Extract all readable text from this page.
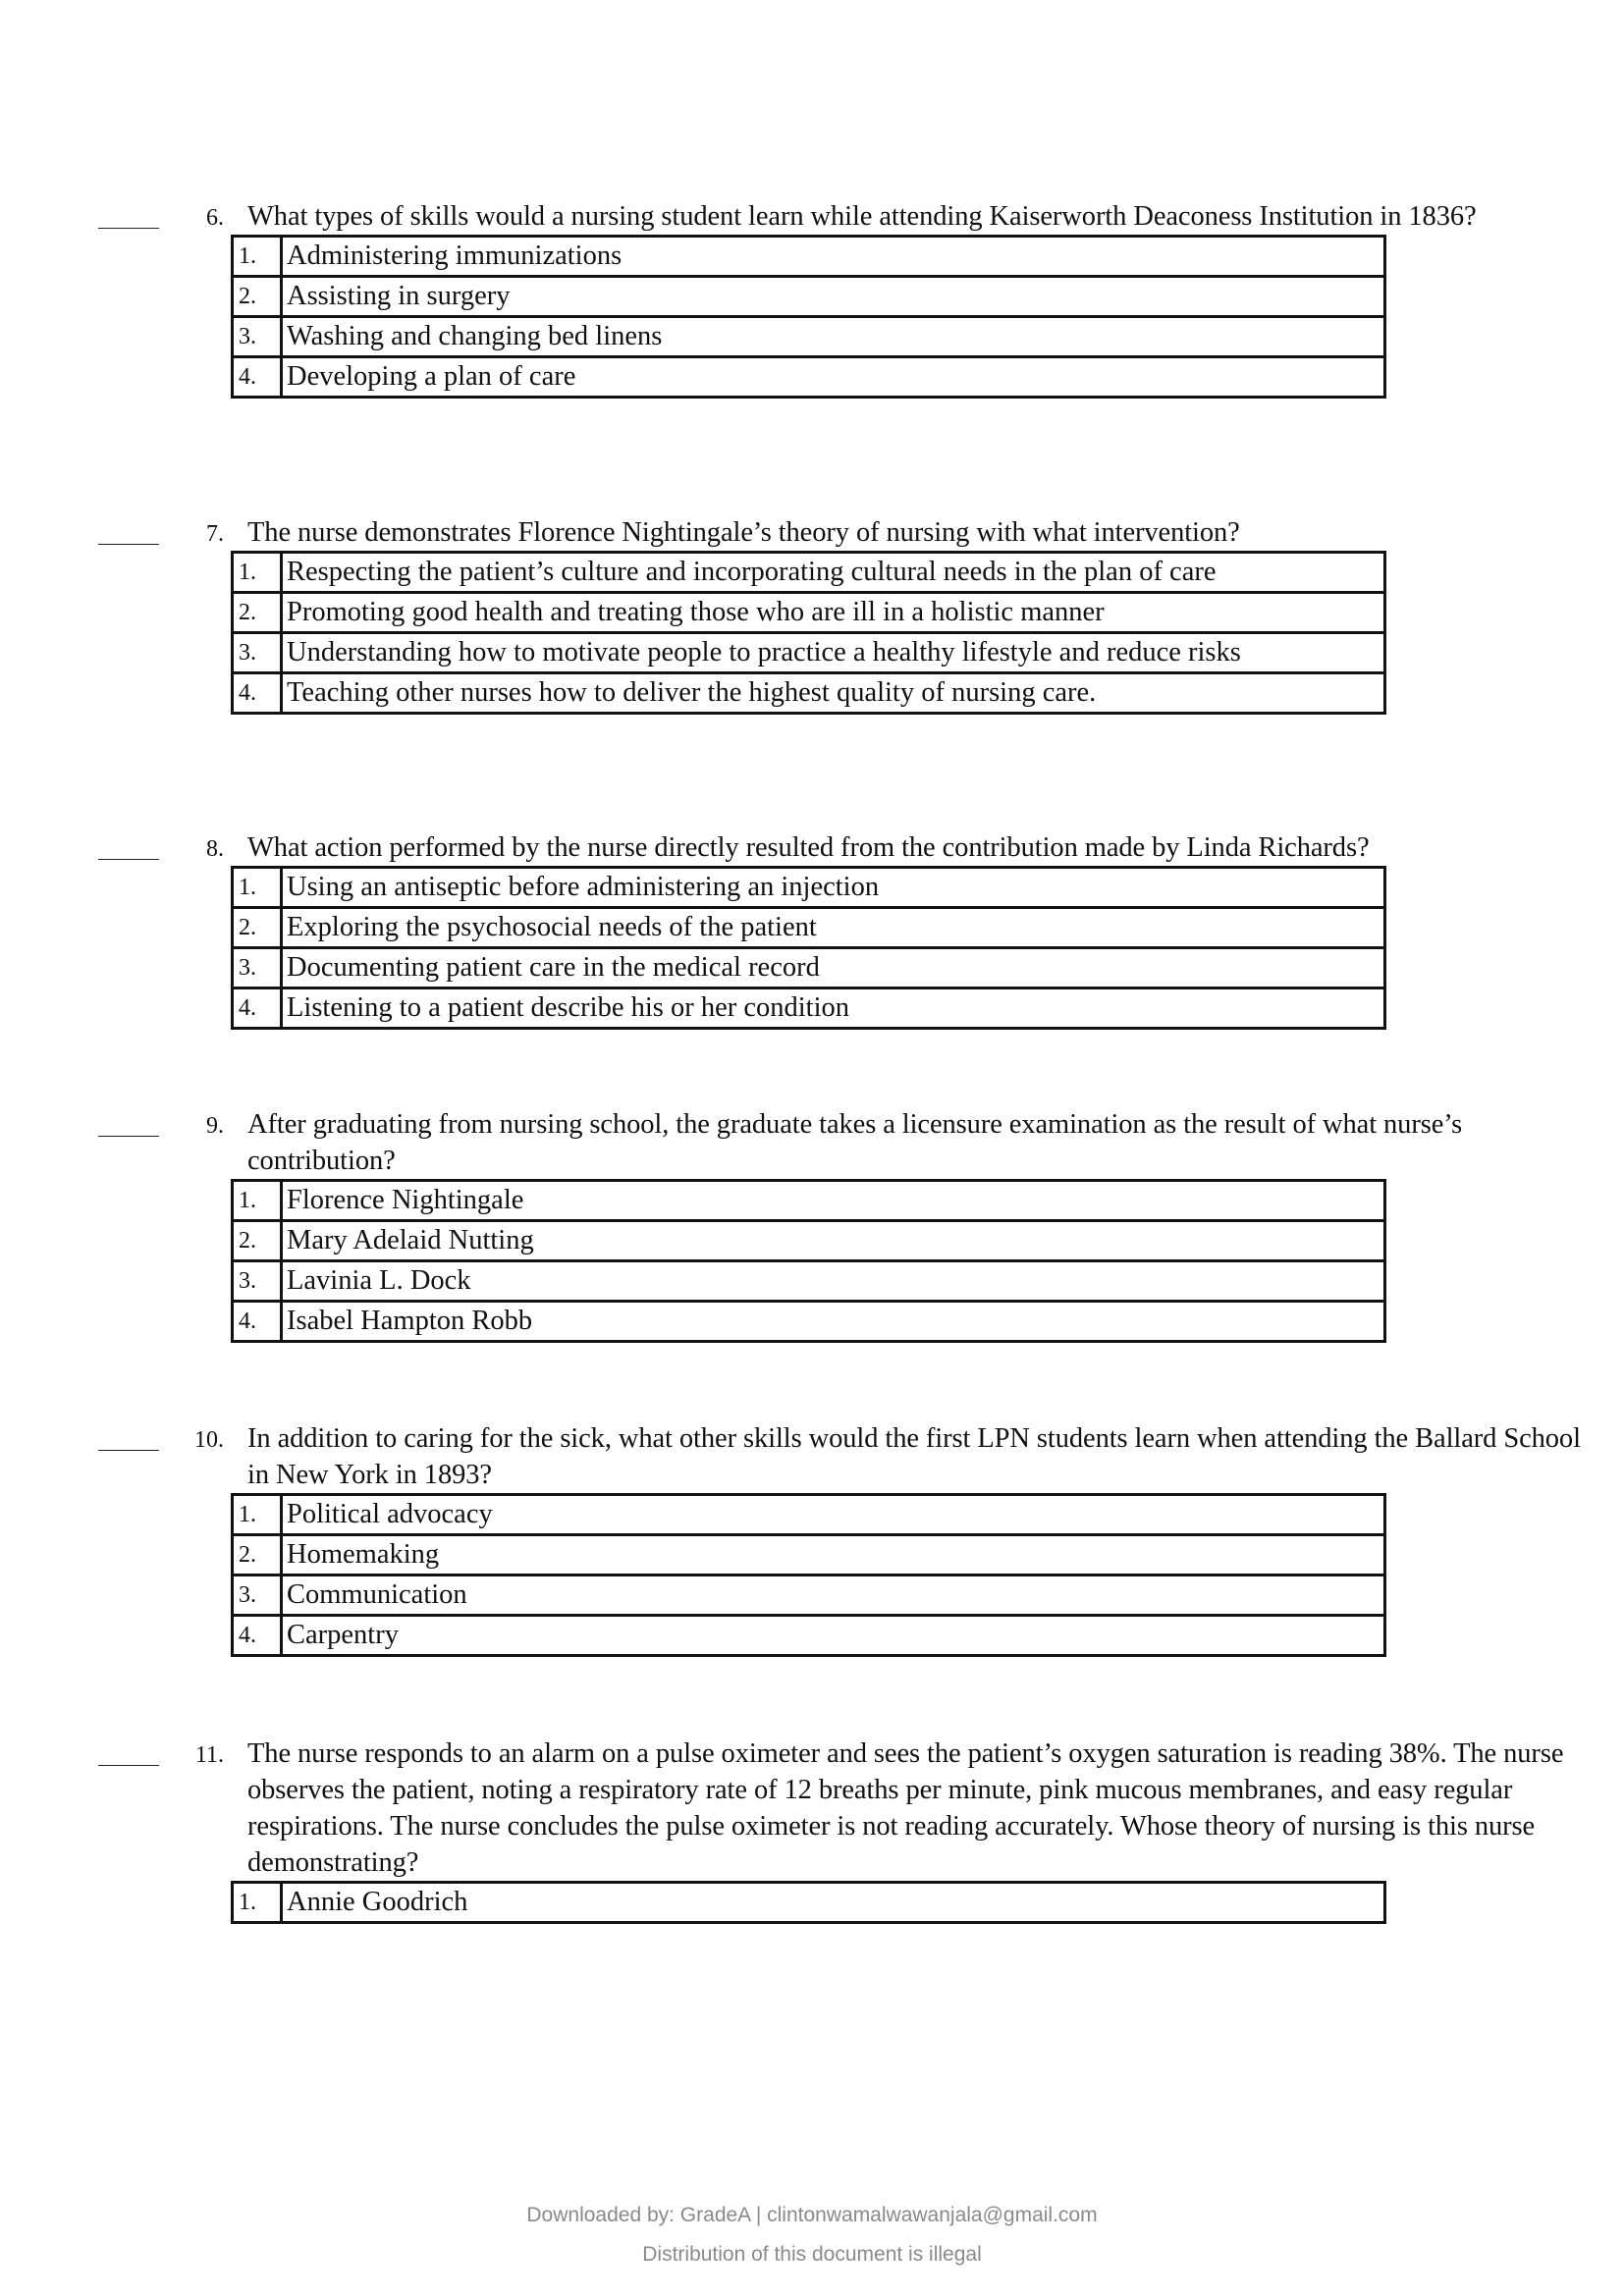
6. What types of skills would a nursing student learn while attending Kaiserworth Deaconess Institution in 1836?
1.	Administering immunizations
2.	Assisting in surgery
3.	Washing and changing bed linens
4.	Developing a plan of care
7. The nurse demonstrates Florence Nightingale’s theory of nursing with what intervention?
1.	Respecting the patient’s culture and incorporating cultural needs in the plan of care
2.	Promoting good health and treating those who are ill in a holistic manner
3.	Understanding how to motivate people to practice a healthy lifestyle and reduce risks
4.	Teaching other nurses how to deliver the highest quality of nursing care.
8. What action performed by the nurse directly resulted from the contribution made by Linda Richards?
1.	Using an antiseptic before administering an injection
2.	Exploring the psychosocial needs of the patient
3.	Documenting patient care in the medical record
4.	Listening to a patient describe his or her condition
9. After graduating from nursing school, the graduate takes a licensure examination as the result of what nurse’s contribution?
1.	Florence Nightingale
2.	Mary Adelaid Nutting
3.	Lavinia L. Dock
4.	Isabel Hampton Robb
10. In addition to caring for the sick, what other skills would the first LPN students learn when attending the Ballard School in New York in 1893?
1.	Political advocacy
2.	Homemaking
3.	Communication
4.	Carpentry
11. The nurse responds to an alarm on a pulse oximeter and sees the patient’s oxygen saturation is reading 38%. The nurse observes the patient, noting a respiratory rate of 12 breaths per minute, pink mucous membranes, and easy regular respirations. The nurse concludes the pulse oximeter is not reading accurately. Whose theory of nursing is this nurse demonstrating?
1.	Annie Goodrich
Downloaded by: GradeA | clintonwamalwawanjala@gmail.com
Distribution of this document is illegal
